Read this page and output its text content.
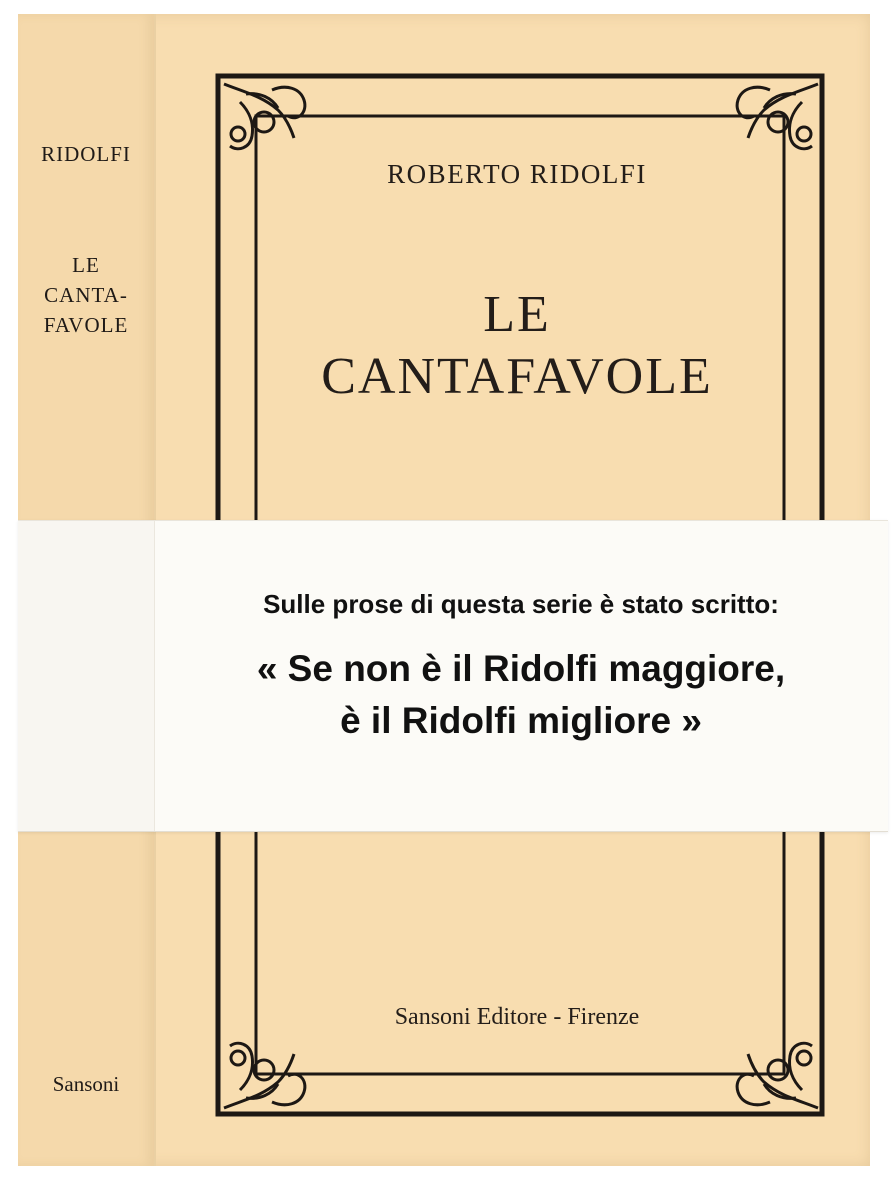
RIDOLFI
LE
CANTA-
FAVOLE
Sansoni
ROBERTO RIDOLFI
LE
CANTAFAVOLE
Sansoni Editore - Firenze
Sulle prose di questa serie è stato scritto:
« Se non è il Ridolfi maggiore,
è il Ridolfi migliore »
